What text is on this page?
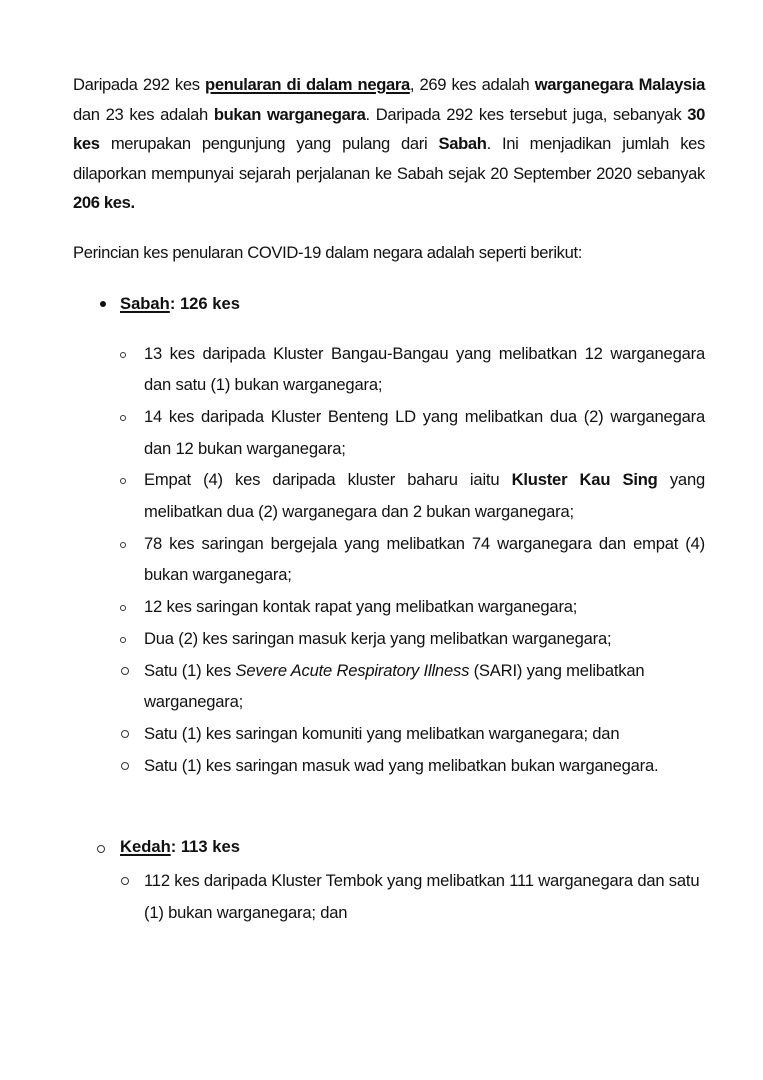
Daripada 292 kes penularan di dalam negara, 269 kes adalah warganegara Malaysia dan 23 kes adalah bukan warganegara. Daripada 292 kes tersebut juga, sebanyak 30 kes merupakan pengunjung yang pulang dari Sabah. Ini menjadikan jumlah kes dilaporkan mempunyai sejarah perjalanan ke Sabah sejak 20 September 2020 sebanyak 206 kes.

Perincian kes penularan COVID-19 dalam negara adalah seperti berikut:

Sabah: 126 kes
13 kes daripada Kluster Bangau-Bangau yang melibatkan 12 warganegara dan satu (1) bukan warganegara;
14 kes daripada Kluster Benteng LD yang melibatkan dua (2) warganegara dan 12 bukan warganegara;
Empat (4) kes daripada kluster baharu iaitu Kluster Kau Sing yang melibatkan dua (2) warganegara dan 2 bukan warganegara;
78 kes saringan bergejala yang melibatkan 74 warganegara dan empat (4) bukan warganegara;
12 kes saringan kontak rapat yang melibatkan warganegara;
Dua (2) kes saringan masuk kerja yang melibatkan warganegara;
Satu (1) kes Severe Acute Respiratory Illness (SARI) yang melibatkan warganegara;
Satu (1) kes saringan komuniti yang melibatkan warganegara; dan
Satu (1) kes saringan masuk wad yang melibatkan bukan warganegara.
Kedah: 113 kes
112 kes daripada Kluster Tembok yang melibatkan 111 warganegara dan satu (1) bukan warganegara; dan
